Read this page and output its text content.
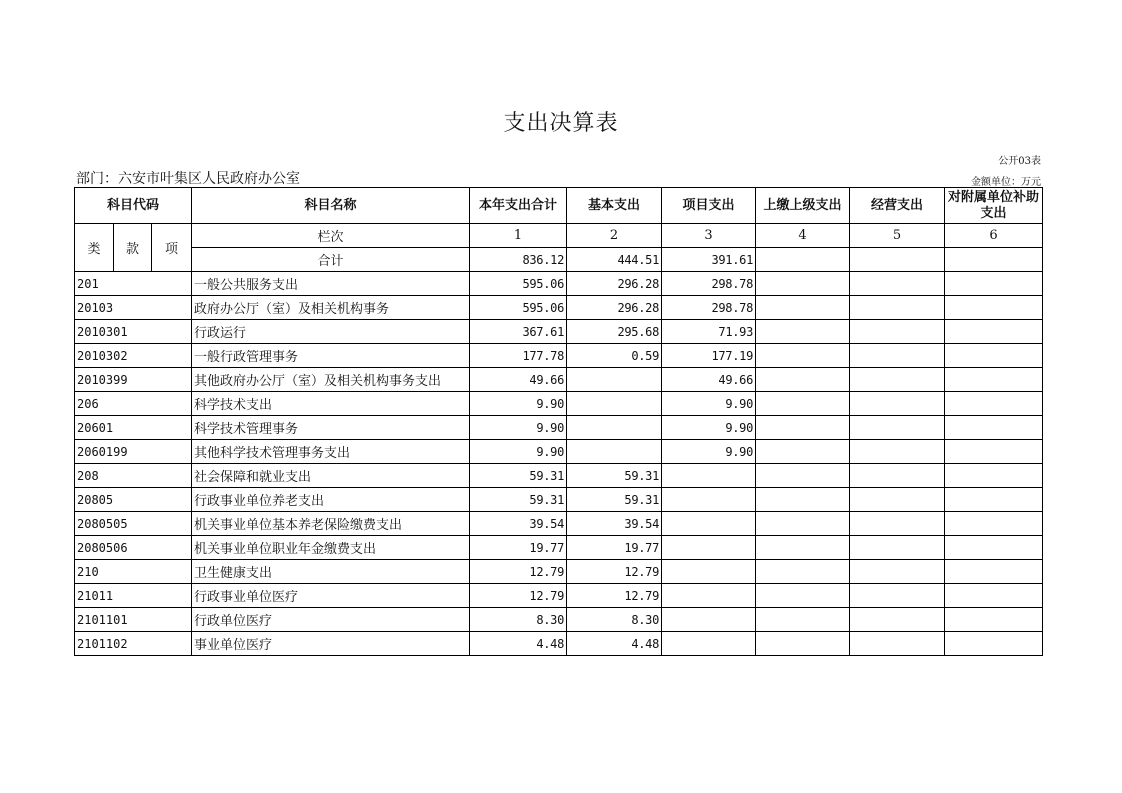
支出决算表
公开03表
部门：六安市叶集区人民政府办公室	金额单位：万元
科目代码			科目名称	本年支出合计	基本支出	项目支出	上缴上级支出	经营支出	对附属单位补助支出
类	款	项	栏次	1	2	3	4	5	6
			合计	836.12	444.51	391.61			
201			一般公共服务支出	595.06	296.28	298.78			
20103			政府办公厅（室）及相关机构事务	595.06	296.28	298.78			
2010301			行政运行	367.61	295.68	71.93			
2010302			一般行政管理事务	177.78	0.59	177.19			
2010399			其他政府办公厅（室）及相关机构事务支出	49.66		49.66			
206			科学技术支出	9.90		9.90			
20601			科学技术管理事务	9.90		9.90			
2060199			其他科学技术管理事务支出	9.90		9.90			
208			社会保障和就业支出	59.31	59.31				
20805			行政事业单位养老支出	59.31	59.31				
2080505			机关事业单位基本养老保险缴费支出	39.54	39.54				
2080506			机关事业单位职业年金缴费支出	19.77	19.77				
210			卫生健康支出	12.79	12.79				
21011			行政事业单位医疗	12.79	12.79				
2101101			行政单位医疗	8.30	8.30				
2101102			事业单位医疗	4.48	4.48				
